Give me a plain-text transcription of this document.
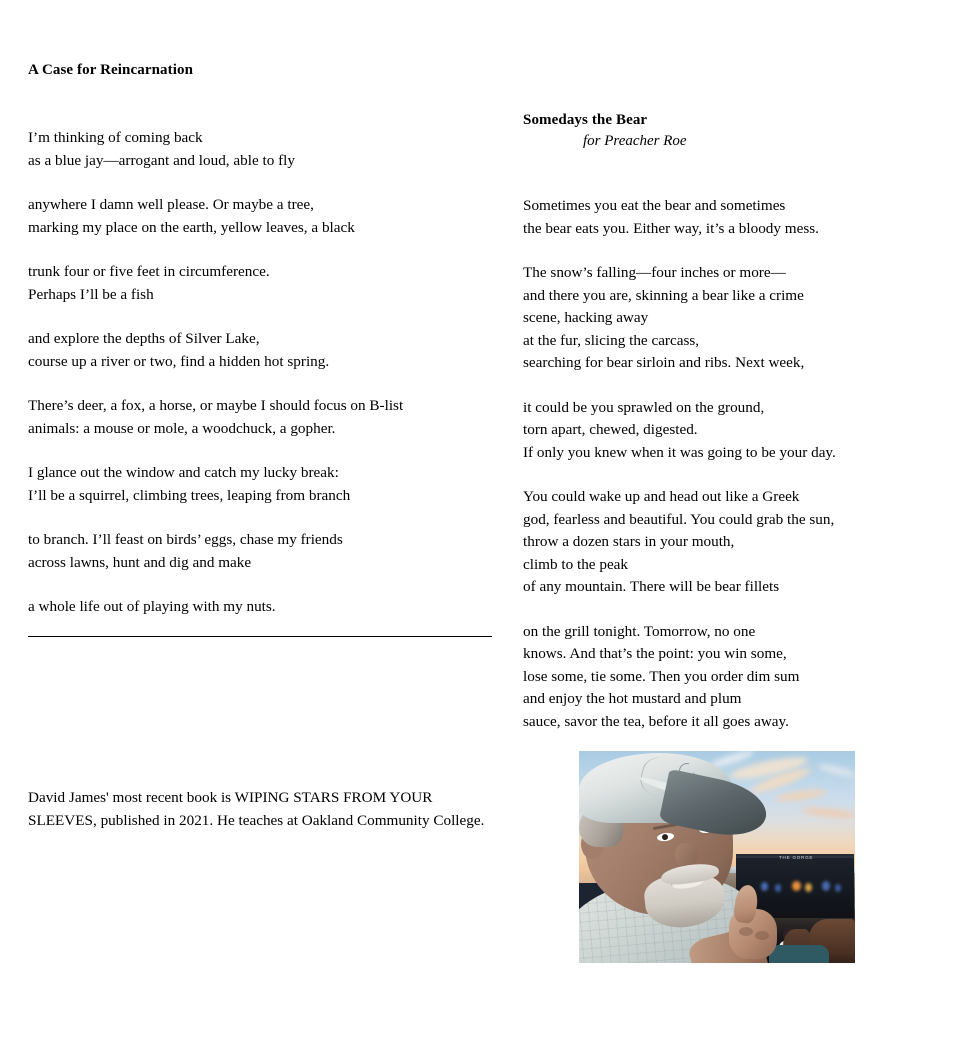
A Case for Reincarnation
I’m thinking of coming back
as a blue jay—arrogant and loud, able to fly
anywhere I damn well please. Or maybe a tree,
marking my place on the earth, yellow leaves, a black
trunk four or five feet in circumference.
Perhaps I’ll be a fish
and explore the depths of Silver Lake,
course up a river or two, find a hidden hot spring.
There’s deer, a fox, a horse, or maybe I should focus on B-list
animals: a mouse or mole, a woodchuck, a gopher.
I glance out the window and catch my lucky break:
I’ll be a squirrel, climbing trees, leaping from branch
to branch. I’ll feast on birds’ eggs, chase my friends
across lawns, hunt and dig and make
a whole life out of playing with my nuts.

David James' most recent book is WIPING STARS FROM YOUR SLEEVES, published in 2021. He teaches at Oakland Community College.

Somedays the Bear
for Preacher Roe
Sometimes you eat the bear and sometimes
the bear eats you. Either way, it’s a bloody mess.
The snow’s falling—four inches or more—
and there you are, skinning a bear like a crime
scene, hacking away
at the fur, slicing the carcass,
searching for bear sirloin and ribs. Next week,
it could be you sprawled on the ground,
torn apart, chewed, digested.
If only you knew when it was going to be your day.
You could wake up and head out like a Greek
god, fearless and beautiful. You could grab the sun,
throw a dozen stars in your mouth,
climb to the peak
of any mountain. There will be bear fillets
on the grill tonight. Tomorrow, no one
knows. And that’s the point: you win some,
lose some, tie some. Then you order dim sum
and enjoy the hot mustard and plum
sauce, savor the tea, before it all goes away.
THE GORGE
